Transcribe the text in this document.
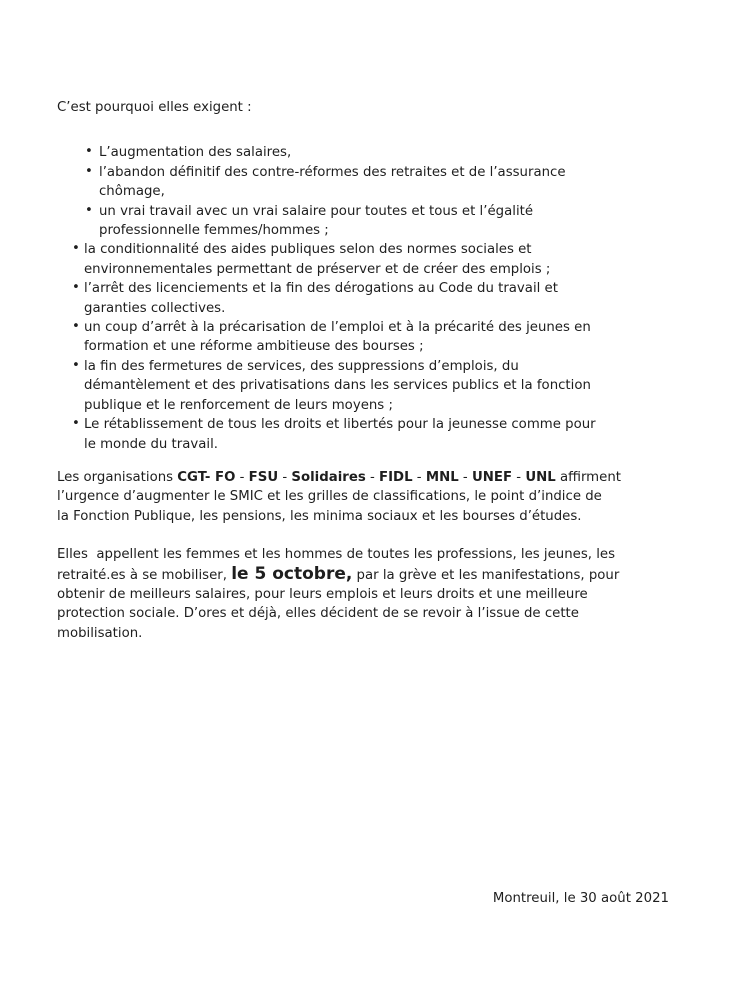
C’est pourquoi elles exigent :
• L’augmentation des salaires,
• l’abandon définitif des contre-réformes des retraites et de l’assurance
chômage,
• un vrai travail avec un vrai salaire pour toutes et tous et l’égalité
professionnelle femmes/hommes ;
• la conditionnalité des aides publiques selon des normes sociales et
environnementales permettant de préserver et de créer des emplois ;
• l’arrêt des licenciements et la fin des dérogations au Code du travail et
garanties collectives.
• un coup d’arrêt à la précarisation de l’emploi et à la précarité des jeunes en
formation et une réforme ambitieuse des bourses ;
• la fin des fermetures de services, des suppressions d’emplois, du
démantèlement et des privatisations dans les services publics et la fonction
publique et le renforcement de leurs moyens ;
• Le rétablissement de tous les droits et libertés pour la jeunesse comme pour
le monde du travail.
Les organisations CGT- FO - FSU - Solidaires - FIDL - MNL - UNEF - UNL affirment
l’urgence d’augmenter le SMIC et les grilles de classifications, le point d’indice de
la Fonction Publique, les pensions, les minima sociaux et les bourses d’études.
Elles  appellent les femmes et les hommes de toutes les professions, les jeunes, les
retraité.es à se mobiliser, le 5 octobre, par la grève et les manifestations, pour
obtenir de meilleurs salaires, pour leurs emplois et leurs droits et une meilleure
protection sociale. D’ores et déjà, elles décident de se revoir à l’issue de cette
mobilisation.
Montreuil, le 30 août 2021
